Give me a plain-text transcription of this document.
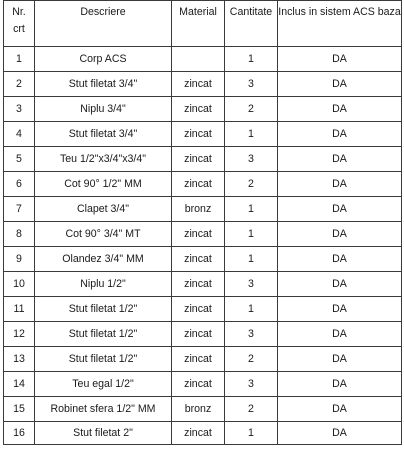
Nr.
crt	Descriere	Material	Cantitate	Inclus in sistem ACS baza
1	Corp ACS		1	DA
2	Stut filetat 3/4"	zincat	3	DA
3	Niplu 3/4"	zincat	2	DA
4	Stut filetat 3/4"	zincat	1	DA
5	Teu 1/2"x3/4"x3/4"	zincat	3	DA
6	Cot 90° 1/2" MM	zincat	2	DA
7	Clapet 3/4"	bronz	1	DA
8	Cot 90° 3/4" MT	zincat	1	DA
9	Olandez 3/4" MM	zincat	1	DA
10	Niplu 1/2"	zincat	3	DA
11	Stut filetat 1/2"	zincat	1	DA
12	Stut filetat 1/2"	zincat	3	DA
13	Stut filetat 1/2"	zincat	2	DA
14	Teu egal 1/2"	zincat	3	DA
15	Robinet sfera 1/2" MM	bronz	2	DA
16	Stut filetat 2"	zincat	1	DA
